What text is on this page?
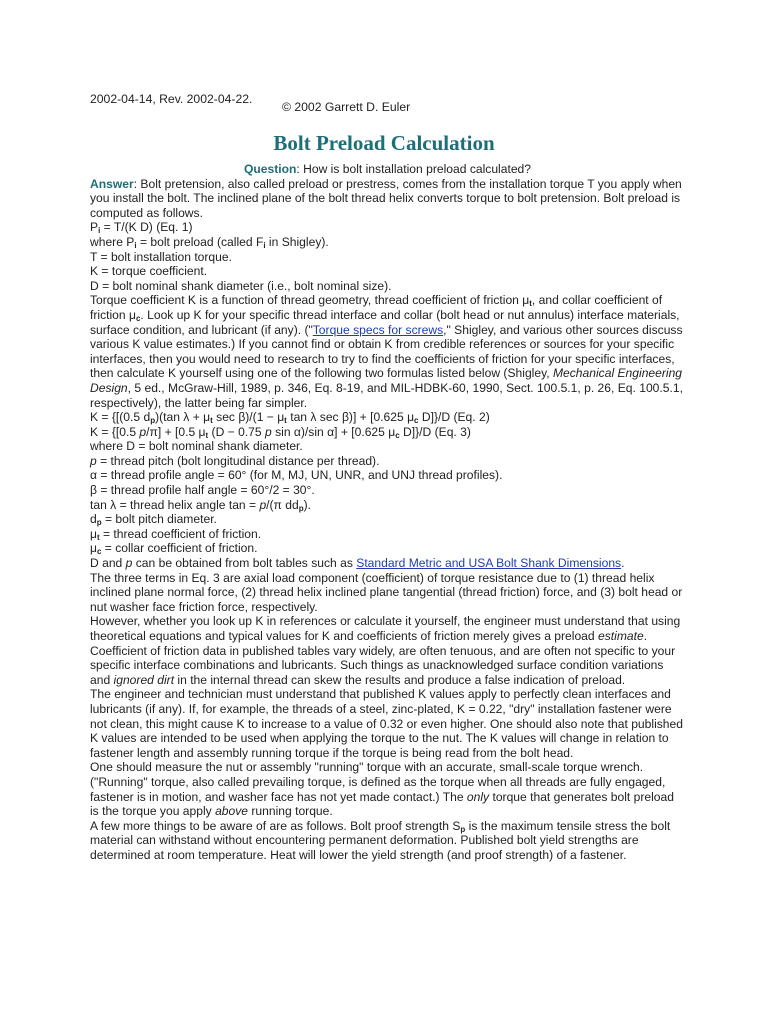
2002-04-14, Rev. 2002-04-22.
© 2002 Garrett D. Euler
Bolt Preload Calculation

Question: How is bolt installation preload calculated?

Answer: Bolt pretension, also called preload or prestress, comes from the installation torque T you apply when you install the bolt. The inclined plane of the bolt thread helix converts torque to bolt pretension. Bolt preload is computed as follows.

$P_i = T/(K$ D) (Eq. 1)

where $P_i$ = bolt preload (called $F_i$ in Shigley).

T = bolt installation torque.

K = torque coefficient.

D = bolt nominal shank diameter (i.e., bolt nominal size).

Torque coefficient K is a function of thread geometry, thread coefficient of friction $\mu_t$, and collar coefficient of friction $\mu_c$. Look up K for your specific thread interface and collar (bolt head or nut annulus) interface materials, surface condition, and lubricant (if any). ("Torque specs for screws," Shigley, and various other sources discuss various K value estimates.) If you cannot find or obtain K from credible references or sources for your specific interfaces, then you would need to research to try to find the coefficients of friction for your specific interfaces, then calculate K yourself using one of the following two formulas listed below (Shigley, Mechanical Engineering Design, 5 ed., McGraw-Hill, 1989, p. 346, Eq. 8-19, and MIL-HDBK-60, 1990, Sect. 100.5.1, p. 26, Eq. 100.5.1, respectively), the latter being far simpler.

K = {[(0.5 $d_p)(\tan$ $\lambda + \mu_t$ $\sec \beta)/(1 - \mu_t$ tan λ sec β)] + [0.625 $\mu_c$ D]}/D (Eq. 2)

K = {[0.5 p/π] + [0.5 $\mu_t$ (D − 0.75 p sin α)/sin α] + [0.625 $\mu_c$ D]}/D (Eq. 3)

where D = bolt nominal shank diameter.

p = thread pitch (bolt longitudinal distance per thread).

α = thread profile angle = 60° (for M, MJ, UN, UNR, and UNJ thread profiles).

β = thread profile half angle = 60°/2 = 30°.

tan λ = thread helix angle tan = p/(π $dd_p$).

$d_p$ = bolt pitch diameter.

$\mu_t$ = thread coefficient of friction.

$\mu_c$ = collar coefficient of friction.

D and p can be obtained from bolt tables such as Standard Metric and USA Bolt Shank Dimensions.

The three terms in Eq. 3 are axial load component (coefficient) of torque resistance due to (1) thread helix inclined plane normal force, (2) thread helix inclined plane tangential (thread friction) force, and (3) bolt head or nut washer face friction force, respectively.

However, whether you look up K in references or calculate it yourself, the engineer must understand that using theoretical equations and typical values for K and coefficients of friction merely gives a preload estimate. Coefficient of friction data in published tables vary widely, are often tenuous, and are often not specific to your specific interface combinations and lubricants. Such things as unacknowledged surface condition variations and ignored dirt in the internal thread can skew the results and produce a false indication of preload.

The engineer and technician must understand that published K values apply to perfectly clean interfaces and lubricants (if any). If, for example, the threads of a steel, zinc-plated, K = 0.22, "dry" installation fastener were not clean, this might cause K to increase to a value of 0.32 or even higher. One should also note that published K values are intended to be used when applying the torque to the nut. The K values will change in relation to fastener length and assembly running torque if the torque is being read from the bolt head.

One should measure the nut or assembly "running" torque with an accurate, small-scale torque wrench. ("Running" torque, also called prevailing torque, is defined as the torque when all threads are fully engaged, fastener is in motion, and washer face has not yet made contact.) The only torque that generates bolt preload is the torque you apply above running torque.

A few more things to be aware of are as follows. Bolt proof strength $S_p$ is the maximum tensile stress the bolt material can withstand without encountering permanent deformation. Published bolt yield strengths are determined at room temperature. Heat will lower the yield strength (and proof strength) of a fastener.
